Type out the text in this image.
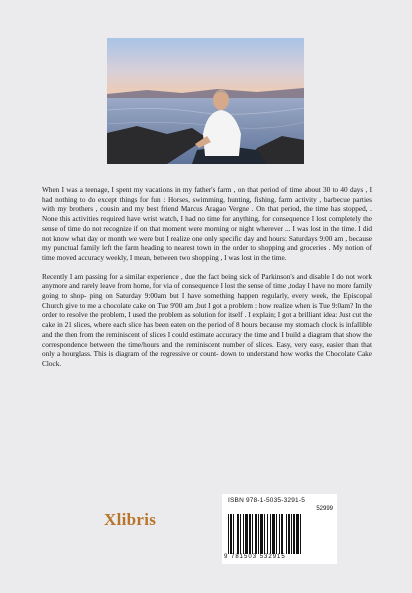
When I was a teenage, I spent my vacations in my father's farm , on that period of time about 30 to 40 days , I had nothing to do except things for fun : Horses, swimming, hunting, fishing, farm activity , barbecue parties with my brothers , cousin and my best friend Marcus Aragao Vergne . On that period, the time has stopped, . None this activities required have wrist watch, I had no time for anything, for consequence I lost completely the sense of time do not recognize if on that moment were morning or night wherever ... I was lost in the time. I did not know what day or month we were but I realize one only specific day and hours: Saturdays 9:00 am , because my punctual family left the farm heading to nearest town in the order to shopping and groceries . My notion of time moved accuracy weekly, I mean, between two shopping , I was lost in the time.

Recently I am passing for a similar experience , due the fact being sick of Parkinson's and disable I do not work anymore and rarely leave from home, for via of consequence I lost the sense of time ,today I have no more family going to shop- ping on Saturday 9:00am but I have something happen regularly, every week, the Episcopal Church give to me a chocolate cake on Tue 9'00 am ,but I got a problem : how realize when is Tue 9:0am? In the order to resolve the problem, I used the problem as solution for itself . I explain; I got a brilliant idea: Just cut the cake in 21 slices, where each slice has been eaten on the period of 8 hours because my stomach clock is infallible and the then from the reminiscent of slices I could estimate accuracy the time and I build a diagram that show the correspondence between the time/hours and the reminiscent number of slices. Easy, very easy, easier than that only a hourglass. This is diagram of the regressive or count- down to understand how works the Chocolate Cake Clock.

Xlibris
ISBN 978-1-5035-3291-5
52999
9 781503 532915
